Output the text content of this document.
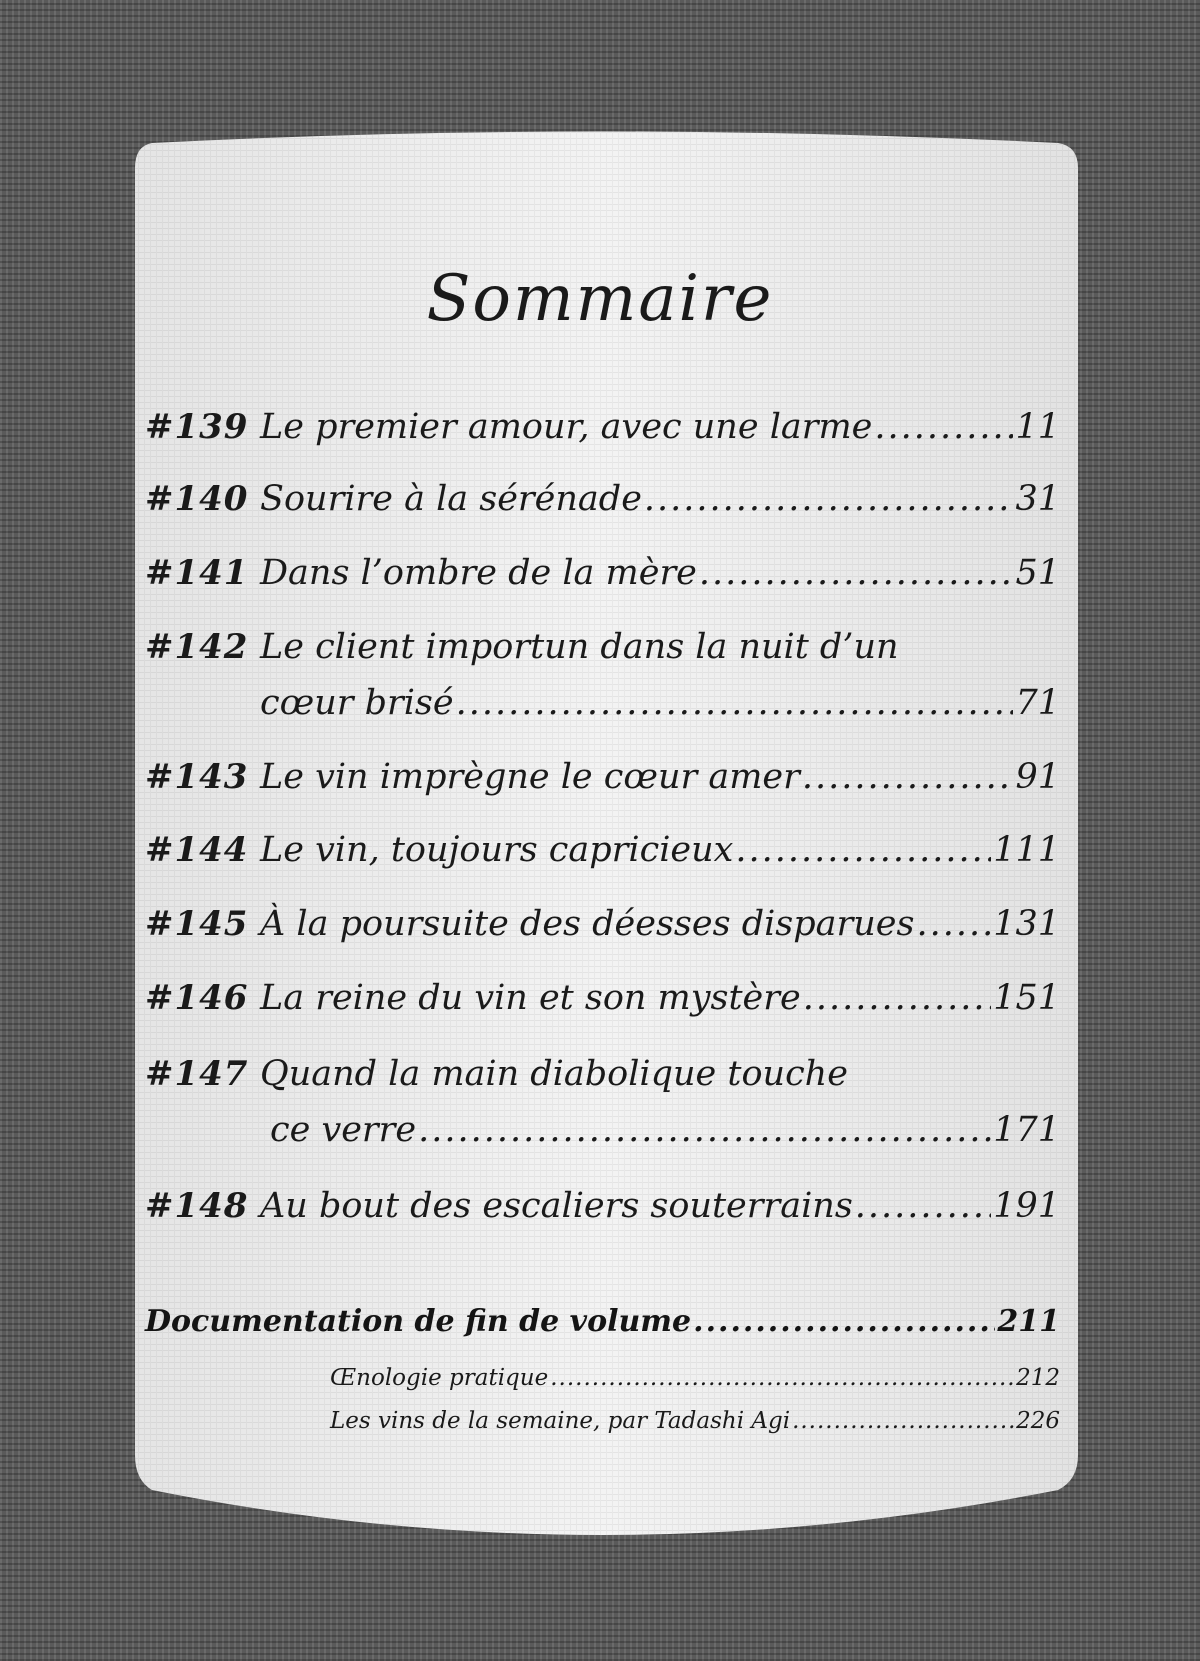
Sommaire
#139 Le premier amour, avec une larme .....	11
#140 Sourire à la sérénade .....	31
#141 Dans l’ombre de la mère .....	51
#142 Le client importun dans la nuit d’un
cœur brisé .....	71
#143 Le vin imprègne le cœur amer .....	91
#144 Le vin, toujours capricieux .....	111
#145 À la poursuite des déesses disparues ..... 131
#146 La reine du vin et son mystère .....	151
#147 Quand la main diabolique touche
ce verre .....	171
#148 Au bout des escaliers souterrains .....	191
Documentation de fin de volume .....	211
Œnologie pratique .....	212
Les vins de la semaine, par Tadashi Agi .....	226
